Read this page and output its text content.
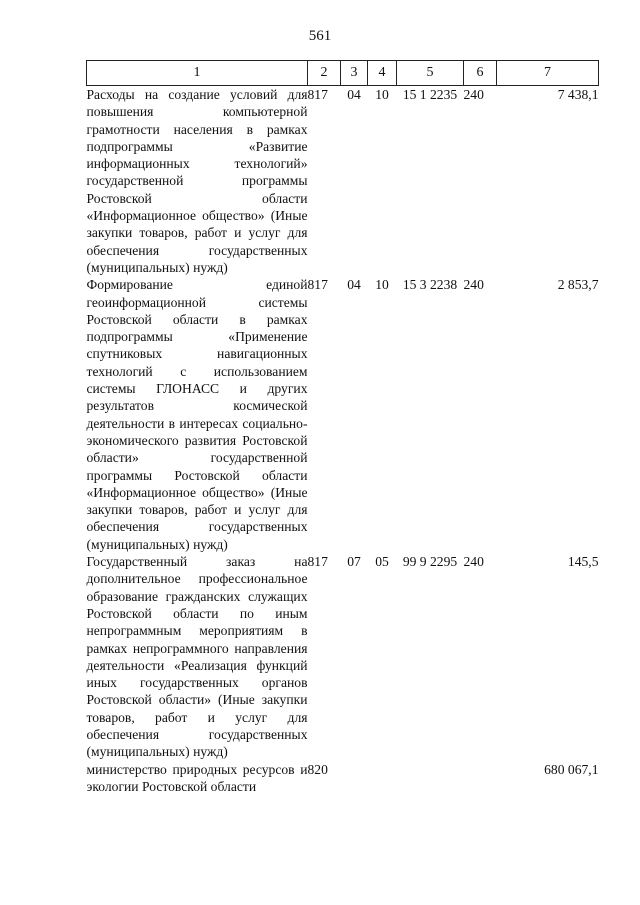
561
1	2	3	4	5	6	7
Расходы на создание условий для повышения компьютерной грамотности населения в рамках подпрограммы «Развитие информационных технологий» государственной программы Ростовской области «Информационное общество» (Иные закупки товаров, работ и услуг для обеспечения государственных (муниципальных) нужд)	817	04	10	15 1 2235	240	7 438,1
Формирование единой геоинформационной системы Ростовской области в рамках подпрограммы «Применение спутниковых навигационных технологий с использованием системы ГЛОНАСС и других результатов космической деятельности в интересах социально-экономического развития Ростовской области» государственной программы Ростовской области «Информационное общество» (Иные закупки товаров, работ и услуг для обеспечения государственных (муниципальных) нужд)	817	04	10	15 3 2238	240	2 853,7
Государственный заказ на дополнительное профессиональное образование гражданских служащих Ростовской области по иным непрограммным мероприятиям в рамках непрограммного направления деятельности «Реализация функций иных государственных органов Ростовской области» (Иные закупки товаров, работ и услуг для обеспечения государственных (муниципальных) нужд)	817	07	05	99 9 2295	240	145,5
министерство природных ресурсов и экологии Ростовской области	820					680 067,1
